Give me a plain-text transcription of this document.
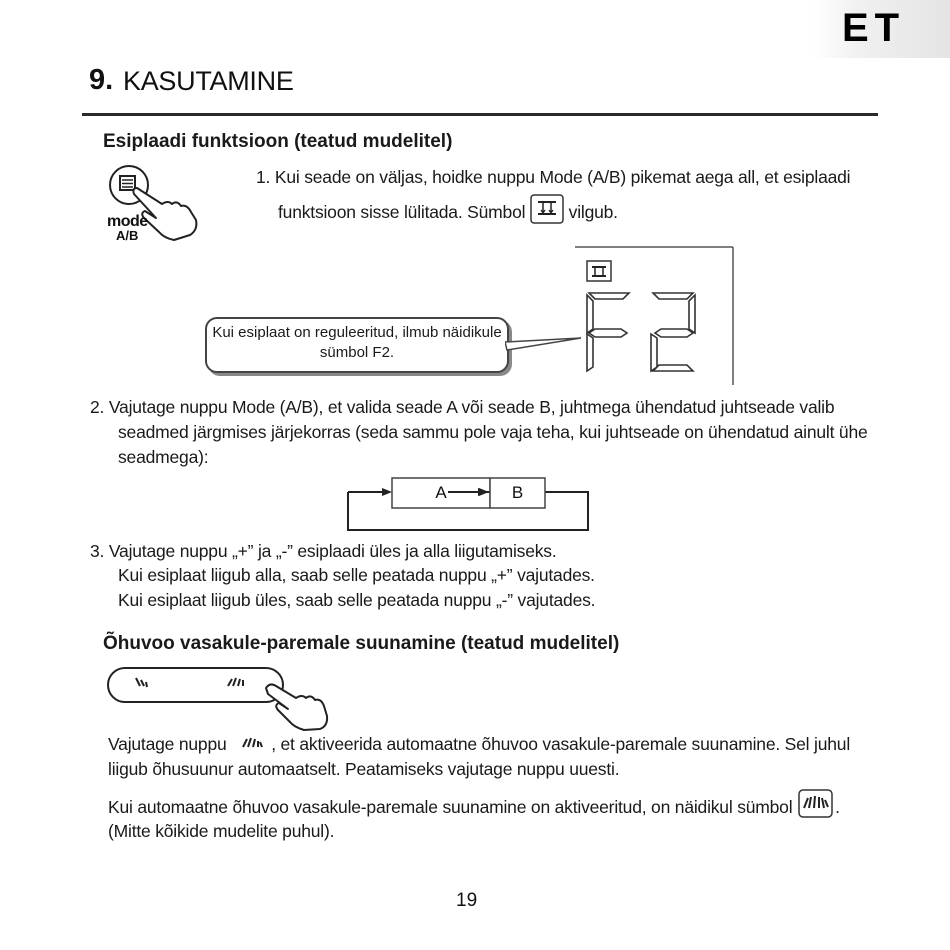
ET
9. KASUTAMINE
Esiplaadi funktsioon (teatud mudelitel)
mode
A/B
1. Kui seade on väljas, hoidke nuppu Mode (A/B) pikemat aega all, et esiplaadi
funktsioon sisse lülitada. Sümbol vilgub.
Kui esiplaat on reguleeritud, ilmub näidikule
sümbol F2.
2. Vajutage nuppu Mode (A/B), et valida seade A või seade B, juhtmega ühendatud juhtseade valib
seadmed järgmises järjekorras (seda sammu pole vaja teha, kui juhtseade on ühendatud ainult ühe
seadmega):
A	B
3. Vajutage nuppu „+” ja „-” esiplaadi üles ja alla liigutamiseks.
Kui esiplaat liigub alla, saab selle peatada nuppu „+” vajutades.
Kui esiplaat liigub üles, saab selle peatada nuppu „-” vajutades.
Õhuvoo vasakule-paremale suunamine (teatud mudelitel)
Vajutage nuppu	, et aktiveerida automaatne õhuvoo vasakule-paremale suunamine. Sel juhul
liigub õhusuunur automaatselt. Peatamiseks vajutage nuppu uuesti.
Kui automaatne õhuvoo vasakule-paremale suunamine on aktiveeritud, on näidikul sümbol .
(Mitte kõikide mudelite puhul).
19
